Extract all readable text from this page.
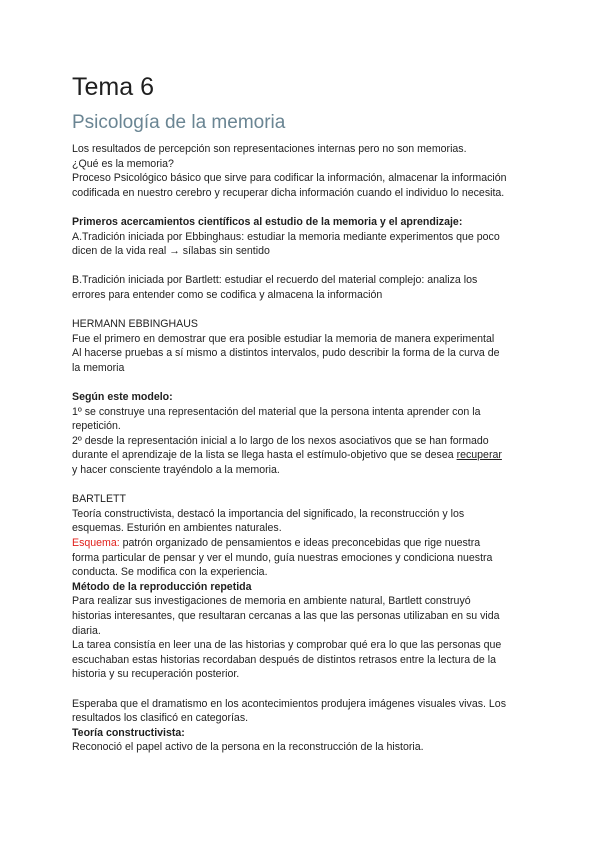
Tema 6
Psicología de la memoria
Los resultados de percepción son representaciones internas pero no son memorias.
¿Qué es la memoria?
Proceso Psicológico básico que sirve para codificar la información, almacenar la información
codificada en nuestro cerebro y recuperar dicha información cuando el individuo lo necesita.
Primeros acercamientos científicos al estudio de la memoria y el aprendizaje:
A.Tradición iniciada por Ebbinghaus: estudiar la memoria mediante experimentos que poco
dicen de la vida real → sílabas sin sentido
B.Tradición iniciada por Bartlett: estudiar el recuerdo del material complejo: analiza los
errores para entender como se codifica y almacena la información
HERMANN EBBINGHAUS
Fue el primero en demostrar que era posible estudiar la memoria de manera experimental
Al hacerse pruebas a sí mismo a distintos intervalos, pudo describir la forma de la curva de
la memoria
Según este modelo:
1º se construye una representación del material que la persona intenta aprender con la
repetición.
2º desde la representación inicial a lo largo de los nexos asociativos que se han formado
durante el aprendizaje de la lista se llega hasta el estímulo-objetivo que se desea recuperar
y hacer consciente trayéndolo a la memoria.
BARTLETT
Teoría constructivista, destacó la importancia del significado, la reconstrucción y los
esquemas. Esturión en ambientes naturales.
Esquema: patrón organizado de pensamientos e ideas preconcebidas que rige nuestra
forma particular de pensar y ver el mundo, guía nuestras emociones y condiciona nuestra
conducta. Se modifica con la experiencia.
Método de la reproducción repetida
Para realizar sus investigaciones de memoria en ambiente natural, Bartlett construyó
historias interesantes, que resultaran cercanas a las que las personas utilizaban en su vida
diaria.
La tarea consistía en leer una de las historias y comprobar qué era lo que las personas que
escuchaban estas historias recordaban después de distintos retrasos entre la lectura de la
historia y su recuperación posterior.
Esperaba que el dramatismo en los acontecimientos produjera imágenes visuales vivas. Los
resultados los clasificó en categorías.
Teoría constructivista:
Reconoció el papel activo de la persona en la reconstrucción de la historia.
